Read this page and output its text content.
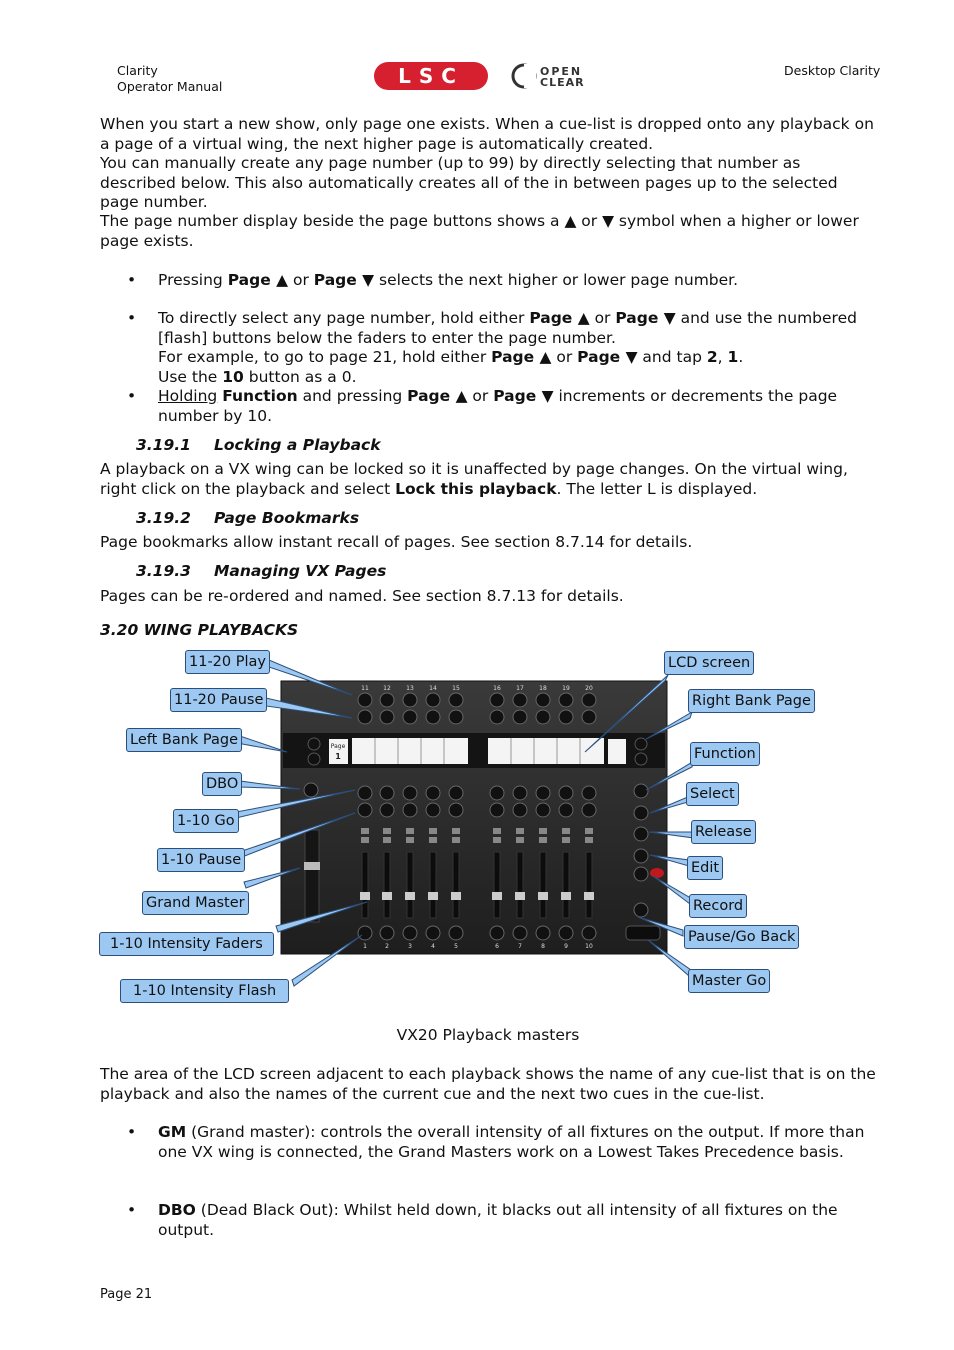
Clarity
Operator Manual
Desktop Clarity
LSC	OPEN
CLEAR

When you start a new show, only page one exists. When a cue-list is dropped onto any playback on a page of a virtual wing, the next higher page is automatically created.

You can manually create any page number (up to 99) by directly selecting that number as described below. This also automatically creates all of the in between pages up to the selected page number.

The page number display beside the page buttons shows a ▲ or ▼ symbol when a higher or lower page exists.

• Pressing Page ▲ or Page ▼ selects the next higher or lower page number.
• To directly select any page number, hold either Page ▲ or Page ▼ and use the numbered [flash] buttons below the faders to enter the page number.
For example, to go to page 21, hold either Page ▲ or Page ▼ and tap 2, 1.
Use the 10 button as a 0.
• Holding Function and pressing Page ▲ or Page ▼ increments or decrements the page number by 10.
3.19.1 Locking a Playback

A playback on a VX wing can be locked so it is unaffected by page changes. On the virtual wing, right click on the playback and select Lock this playback. The letter L is displayed.

3.19.2 Page Bookmarks

Page bookmarks allow instant recall of pages. See section 8.7.14 for details.

3.19.3 Managing VX Pages

Pages can be re-ordered and named. See section 8.7.13 for details.

3.20 WING PLAYBACKS
Page
1
11 12	13	14	15	16	17	18	19	20
1	2	3	4	5	6	7	8	9	10
11-20 Play
11-20 Pause
Left Bank Page
DBO
1-10 Go
1-10 Pause
Grand Master
1-10 Intensity Faders
1-10 Intensity Flash
LCD screen
Right Bank Page
Function
Select
Release
Edit
Record
Pause/Go Back
Master Go
VX20 Playback masters

The area of the LCD screen adjacent to each playback shows the name of any cue-list that is on the playback and also the names of the current cue and the next two cues in the cue-list.

• GM (Grand master): controls the overall intensity of all fixtures on the output. If more than one VX wing is connected, the Grand Masters work on a Lowest Takes Precedence basis.
• DBO (Dead Black Out): Whilst held down, it blacks out all intensity of all fixtures on the output.
Page 21
